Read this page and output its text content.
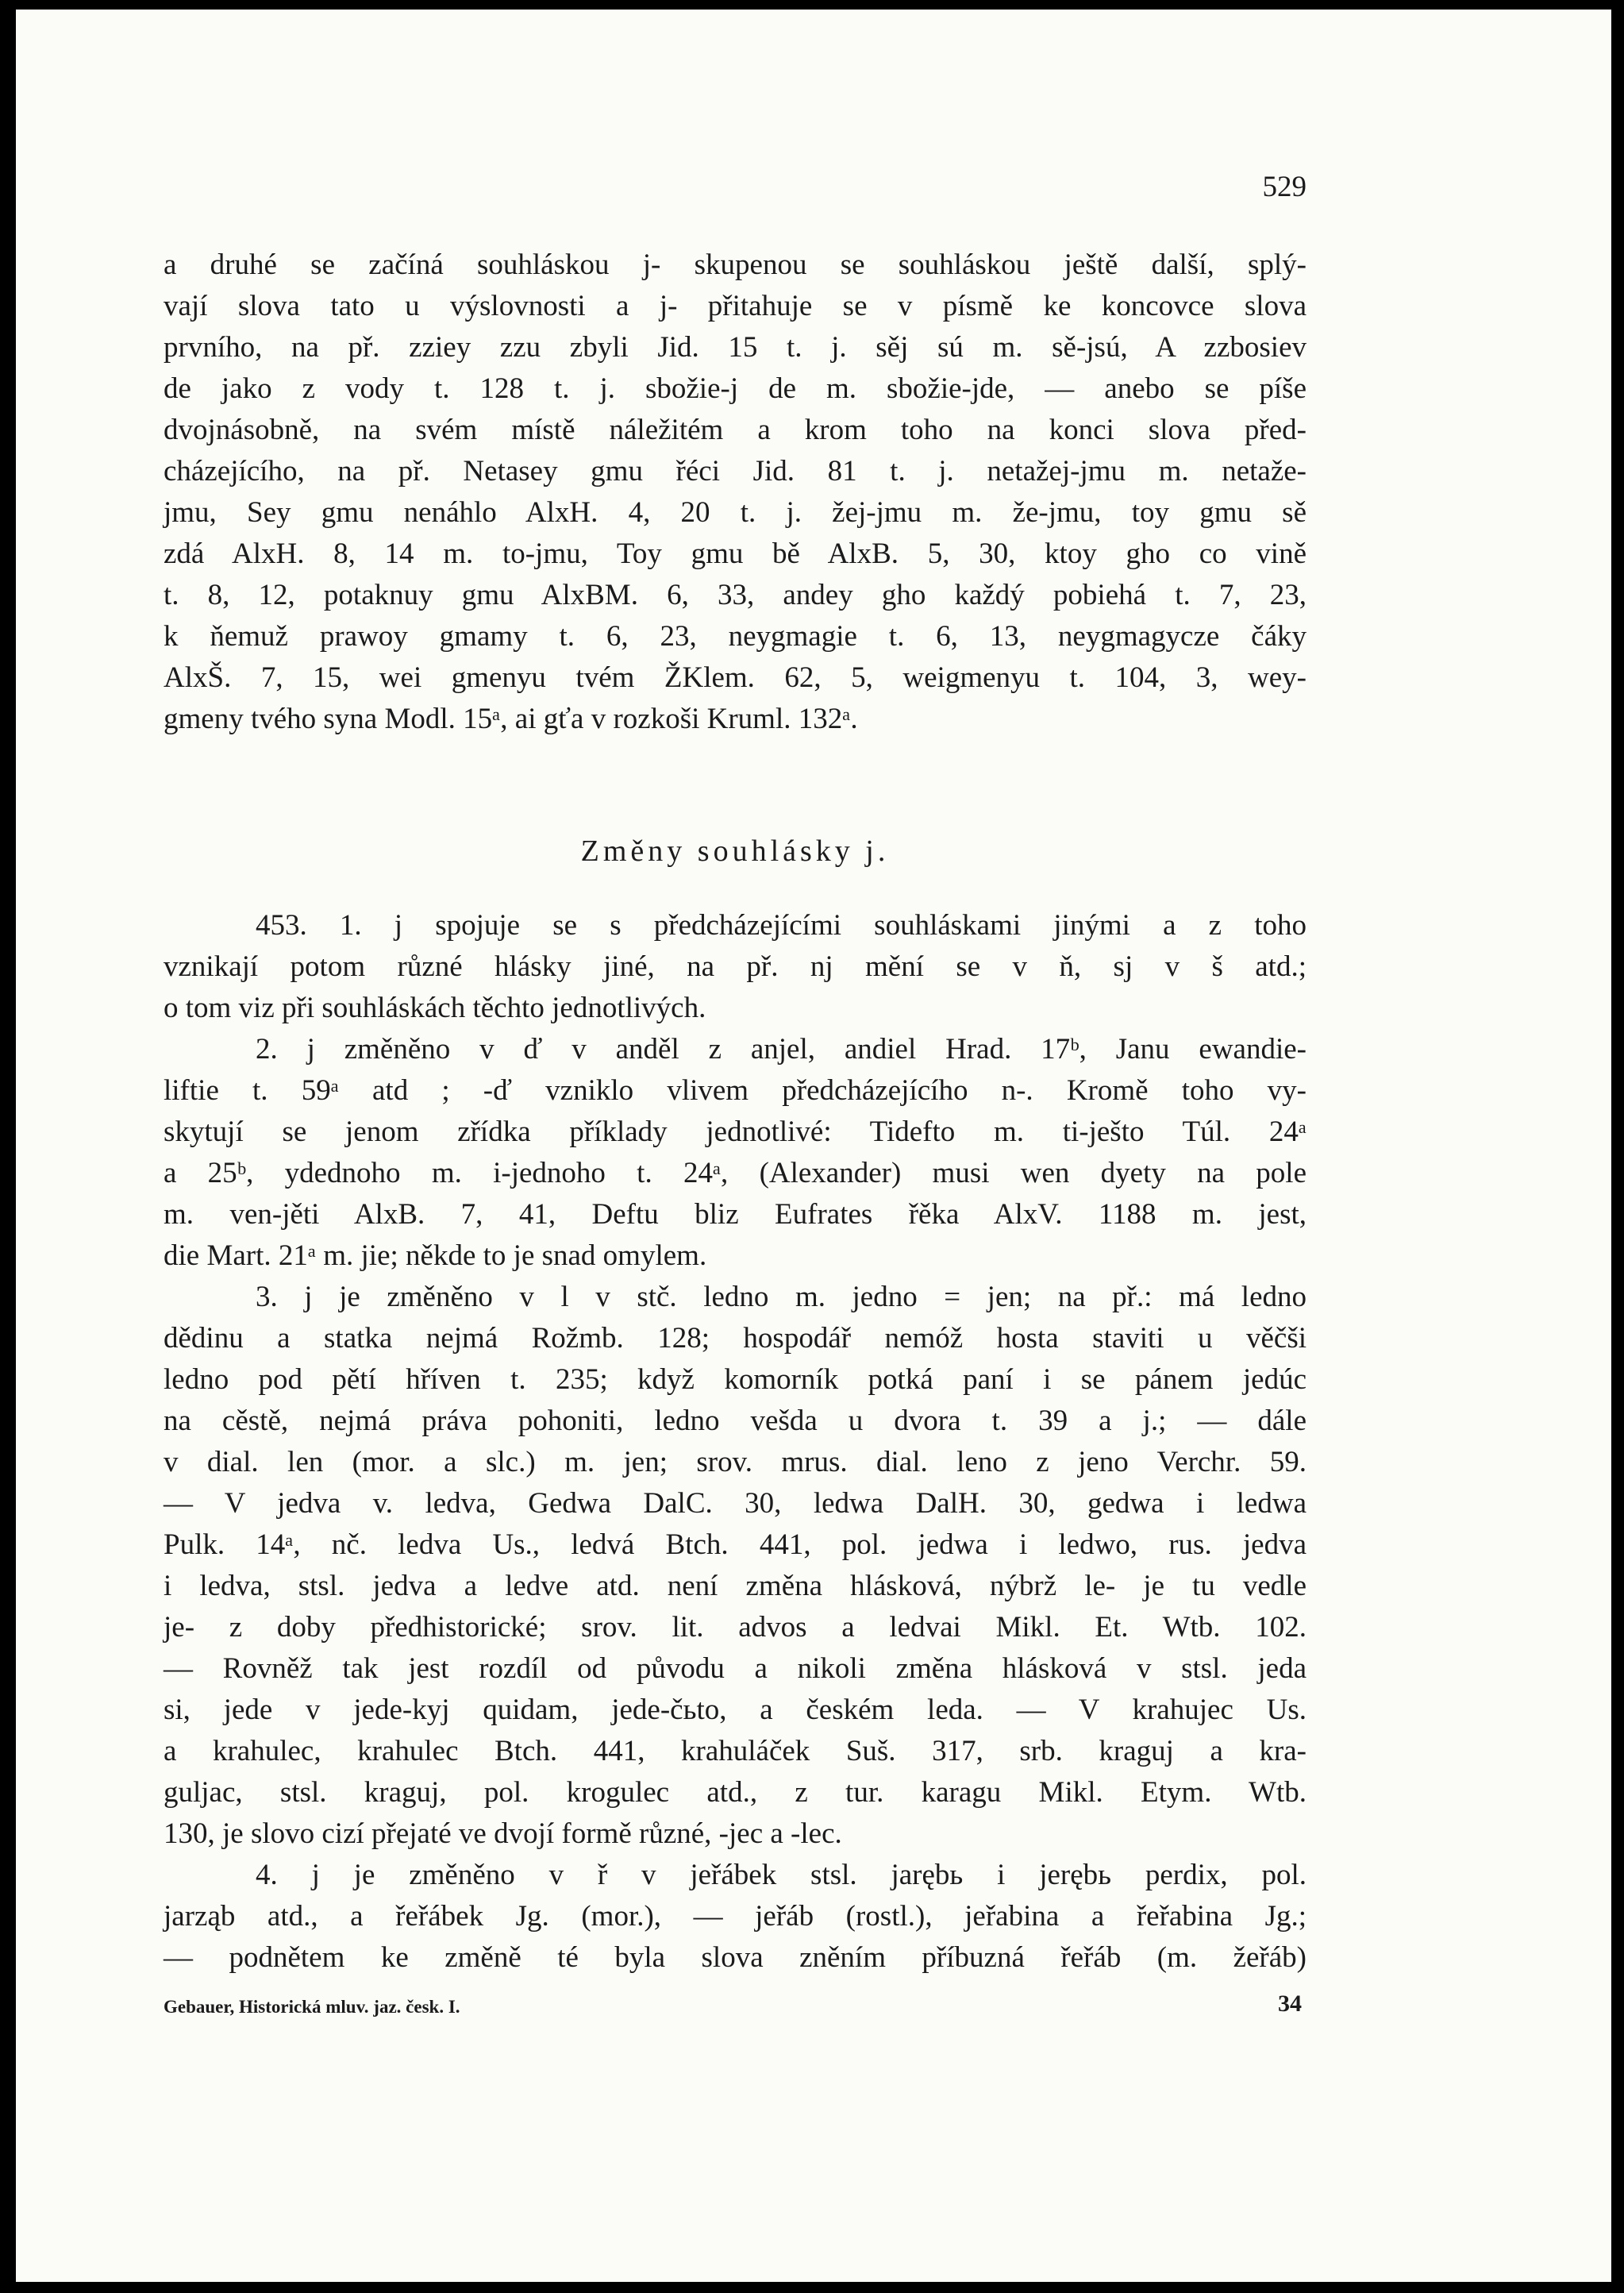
529
a druhé se začíná souhláskou j- skupenou se souhláskou ještě další, splý-
vají slova tato u výslovnosti a j- přitahuje se v písmě ke koncovce slova
prvního, na př. zziey zzu zbyli Jid. 15 t. j. sěj sú m. sě-jsú, A zzbosiev
de jako z vody t. 128 t. j. sbožie-j de m. sbožie-jde, — anebo se píše
dvojnásobně, na svém místě náležitém a krom toho na konci slova před-
cházejícího, na př. Netasey gmu řéci Jid. 81 t. j. netažej-jmu m. netaže-
jmu, Sey gmu nenáhlo AlxH. 4, 20 t. j. žej-jmu m. že-jmu, toy gmu sě
zdá AlxH. 8, 14 m. to-jmu, Toy gmu bě AlxB. 5, 30, ktoy gho co vině
t. 8, 12, potaknuy gmu AlxBM. 6, 33, andey gho každý pobiehá t. 7, 23,
k ňemuž prawoy gmamy t. 6, 23, neygmagie t. 6, 13, neygmagycze čáky
AlxŠ. 7, 15, wei gmenyu tvém ŽKlem. 62, 5, weigmenyu t. 104, 3, wey-
gmeny tvého syna Modl. 15ᵃ, ai gťa v rozkoši Kruml. 132ᵃ.
Změny souhlásky j.
453. 1. j spojuje se s předcházejícími souhláskami jinými a z toho
vznikají potom různé hlásky jiné, na př. nj mění se v ň, sj v š atd.;
o tom viz při souhláskách těchto jednotlivých.
2. j změněno v ď v anděl z anjel, andiel Hrad. 17ᵇ, Janu ewandie-
liftie t. 59ᵃ atd ; -ď vzniklo vlivem předcházejícího n-. Kromě toho vy-
skytují se jenom zřídka příklady jednotlivé: Tidefto m. ti-ješto Túl. 24ᵃ
a 25ᵇ, ydednoho m. i-jednoho t. 24ᵃ, (Alexander) musi wen dyety na pole
m. ven-jěti AlxB. 7, 41, Deftu bliz Eufrates řěka AlxV. 1188 m. jest,
die Mart. 21ᵃ m. jie; někde to je snad omylem.
3. j je změněno v l v stč. ledno m. jedno = jen; na př.: má ledno
dědinu a statka nejmá Rožmb. 128; hospodář nemóž hosta staviti u věčši
ledno pod pětí hříven t. 235; když komorník potká paní i se pánem jedúc
na cěstě, nejmá práva pohoniti, ledno vešda u dvora t. 39 a j.; — dále
v dial. len (mor. a slc.) m. jen; srov. mrus. dial. leno z jeno Verchr. 59.
— V jedva v. ledva, Gedwa DalC. 30, ledwa DalH. 30, gedwa i ledwa
Pulk. 14ᵃ, nč. ledva Us., ledvá Btch. 441, pol. jedwa i ledwo, rus. jedva
i ledva, stsl. jedva a ledve atd. není změna hlásková, nýbrž le- je tu vedle
je- z doby předhistorické; srov. lit. advos a ledvai Mikl. Et. Wtb. 102.
— Rovněž tak jest rozdíl od původu a nikoli změna hlásková v stsl. jeda
si, jede v jede-kyj quidam, jede-čьto, a českém leda. — V krahujec Us.
a krahulec, krahulec Btch. 441, krahuláček Suš. 317, srb. kraguj a kra-
guljac, stsl. kraguj, pol. krogulec atd., z tur. karagu Mikl. Etym. Wtb.
130, je slovo cizí přejaté ve dvojí formě různé, -jec a -lec.
4. j je změněno v ř v jeřábek stsl. jarębь i jerębь perdix, pol.
jarząb atd., a řeřábek Jg. (mor.), — jeřáb (rostl.), jeřabina a řeřabina Jg.;
— podnětem ke změně té byla slova zněním příbuzná řeřáb (m. žeřáb)
Gebauer, Historická mluv. jaz. česk. I.	34
